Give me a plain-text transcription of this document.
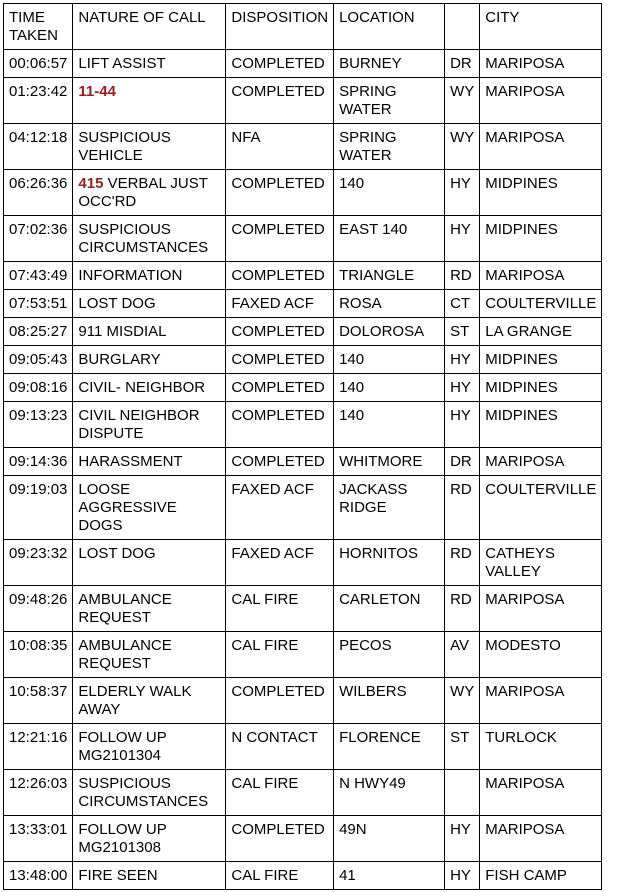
TIME
TAKEN	NATURE OF CALL	DISPOSITION	LOCATION		CITY
00:06:57	LIFT ASSIST	COMPLETED	BURNEY	DR	MARIPOSA
01:23:42	11-44	COMPLETED	SPRING
WATER	WY	MARIPOSA
04:12:18	SUSPICIOUS
VEHICLE	NFA	SPRING
WATER	WY	MARIPOSA
06:26:36	415 VERBAL JUST
OCC'RD	COMPLETED	140	HY	MIDPINES
07:02:36	SUSPICIOUS
CIRCUMSTANCES	COMPLETED	EAST 140	HY	MIDPINES
07:43:49	INFORMATION	COMPLETED	TRIANGLE	RD	MARIPOSA
07:53:51	LOST DOG	FAXED ACF	ROSA	CT	COULTERVILLE
08:25:27	911 MISDIAL	COMPLETED	DOLOROSA	ST	LA GRANGE
09:05:43	BURGLARY	COMPLETED	140	HY	MIDPINES
09:08:16	CIVIL- NEIGHBOR	COMPLETED	140	HY	MIDPINES
09:13:23	CIVIL NEIGHBOR
DISPUTE	COMPLETED	140	HY	MIDPINES
09:14:36	HARASSMENT	COMPLETED	WHITMORE	DR	MARIPOSA
09:19:03	LOOSE
AGGRESSIVE DOGS	FAXED ACF	JACKASS
RIDGE	RD	COULTERVILLE
09:23:32	LOST DOG	FAXED ACF	HORNITOS	RD	CATHEYS
VALLEY
09:48:26	AMBULANCE
REQUEST	CAL FIRE	CARLETON	RD	MARIPOSA
10:08:35	AMBULANCE
REQUEST	CAL FIRE	PECOS	AV	MODESTO
10:58:37	ELDERLY WALK
AWAY	COMPLETED	WILBERS	WY	MARIPOSA
12:21:16	FOLLOW UP
MG2101304	N CONTACT	FLORENCE	ST	TURLOCK
12:26:03	SUSPICIOUS
CIRCUMSTANCES	CAL FIRE	N HWY49		MARIPOSA
13:33:01	FOLLOW UP
MG2101308	COMPLETED	49N	HY	MARIPOSA
13:48:00	FIRE SEEN	CAL FIRE	41	HY	FISH CAMP
